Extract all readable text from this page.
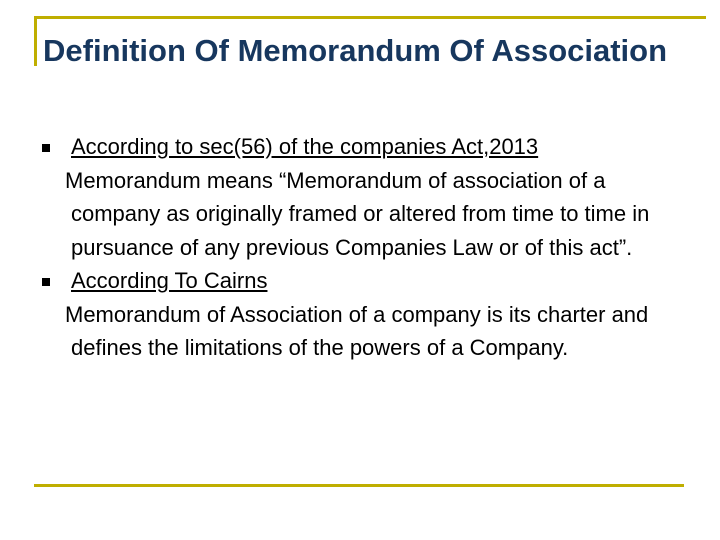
Definition Of Memorandum Of Association
According to sec(56) of the companies Act,2013
Memorandum means “Memorandum of association of a company as originally framed or altered from time to time in pursuance of any previous Companies Law or of this act”.
According To Cairns
Memorandum of Association of a company is its charter and defines the limitations of the powers of a Company.
